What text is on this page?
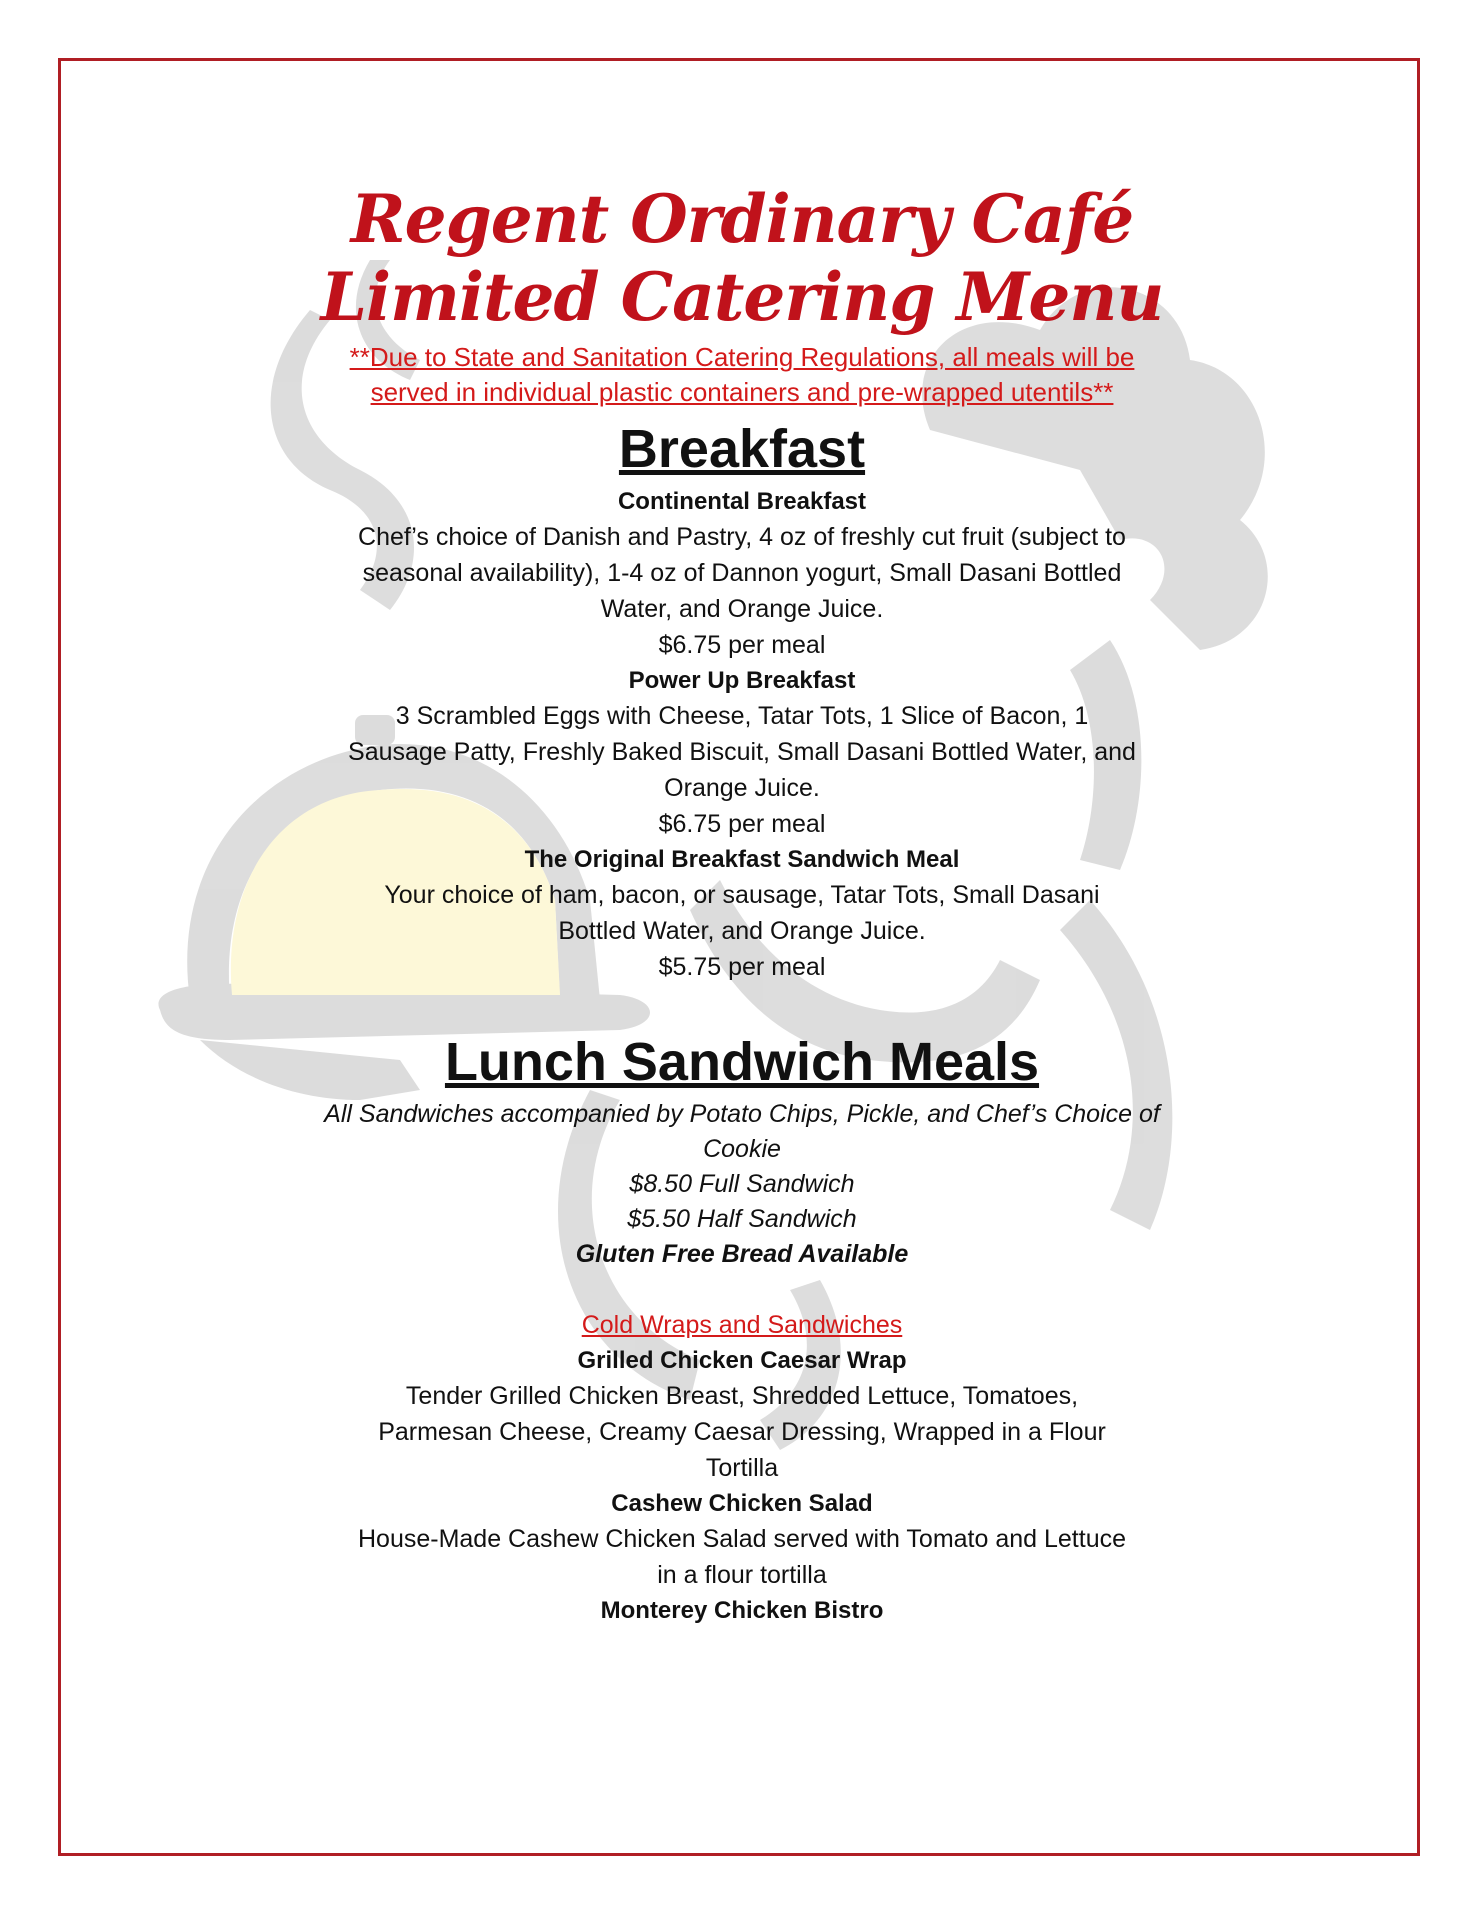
Regent Ordinary Café
Limited Catering Menu
**Due to State and Sanitation Catering Regulations, all meals will be served in individual plastic containers and pre-wrapped utentils**
Breakfast
Continental Breakfast
Chef’s choice of Danish and Pastry, 4 oz of freshly cut fruit (subject to seasonal availability), 1-4 oz of Dannon yogurt, Small Dasani Bottled Water, and Orange Juice.
$6.75 per meal
Power Up Breakfast
3 Scrambled Eggs with Cheese, Tatar Tots, 1 Slice of Bacon, 1 Sausage Patty, Freshly Baked Biscuit, Small Dasani Bottled Water, and Orange Juice.
$6.75 per meal
The Original Breakfast Sandwich Meal
Your choice of ham, bacon, or sausage, Tatar Tots, Small Dasani Bottled Water, and Orange Juice.
$5.75 per meal
Lunch Sandwich Meals
All Sandwiches accompanied by Potato Chips, Pickle, and Chef’s Choice of Cookie
$8.50 Full Sandwich
$5.50 Half Sandwich
Gluten Free Bread Available
Cold Wraps and Sandwiches
Grilled Chicken Caesar Wrap
Tender Grilled Chicken Breast, Shredded Lettuce, Tomatoes, Parmesan Cheese, Creamy Caesar Dressing, Wrapped in a Flour Tortilla
Cashew Chicken Salad
House-Made Cashew Chicken Salad served with Tomato and Lettuce in a flour tortilla
Monterey Chicken Bistro
